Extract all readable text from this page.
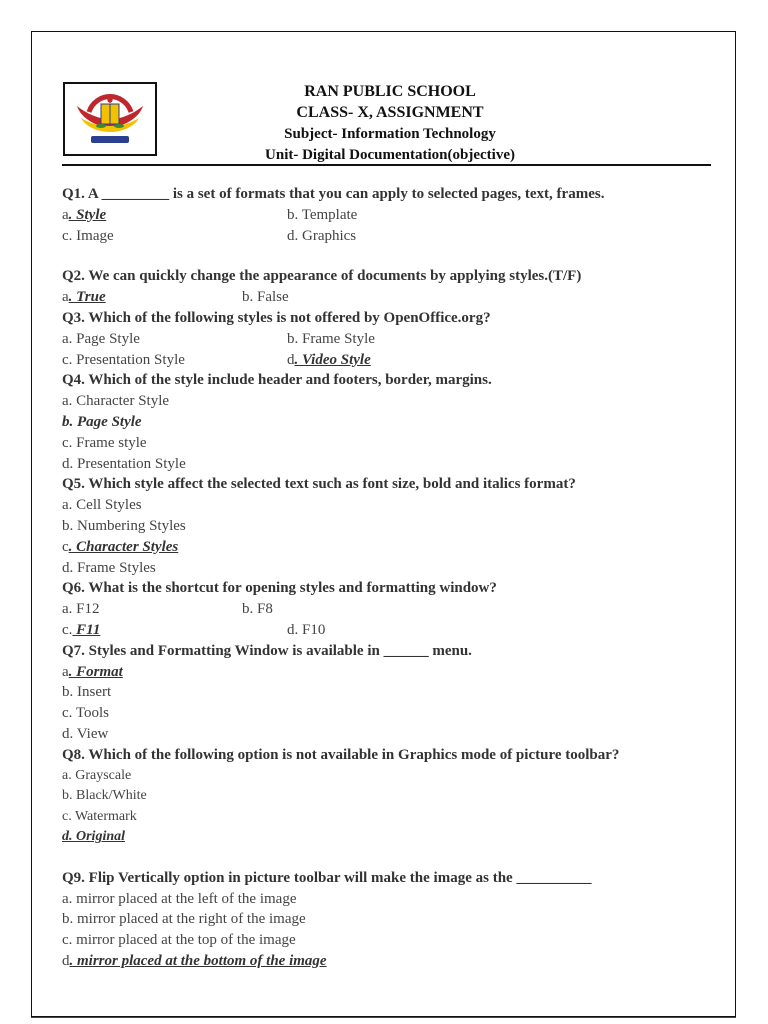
RAN PUBLIC SCHOOL
CLASS- X, ASSIGNMENT
Subject- Information Technology
Unit- Digital Documentation(objective)
Q1. A _________ is a set of formats that you can apply to selected pages, text, frames.
a. Style	b. Template
c. Image	d. Graphics
Q2. We can quickly change the appearance of documents by applying styles.(T/F)
a. True	b. False
Q3. Which of the following styles is not offered by OpenOffice.org?
a. Page Style	b. Frame Style
c. Presentation Style	d. Video Style
Q4. Which of the style include header and footers, border, margins.
a. Character Style
b. Page Style
c. Frame style
d. Presentation Style
Q5. Which style affect the selected text such as font size, bold and italics format?
a. Cell Styles
b. Numbering Styles
c. Character Styles
d. Frame Styles
Q6. What is the shortcut for opening styles and formatting window?
a. F12	b. F8
c. F11	d. F10
Q7. Styles and Formatting Window is available in ______ menu.
a. Format
b. Insert
c. Tools
d. View
Q8. Which of the following option is not available in Graphics mode of picture toolbar?
a. Grayscale
b. Black/White
c. Watermark
d. Original
Q9. Flip Vertically option in picture toolbar will make the image as the __________
a. mirror placed at the left of the image
b. mirror placed at the right of the image
c. mirror placed at the top of the image
d. mirror placed at the bottom of the image
